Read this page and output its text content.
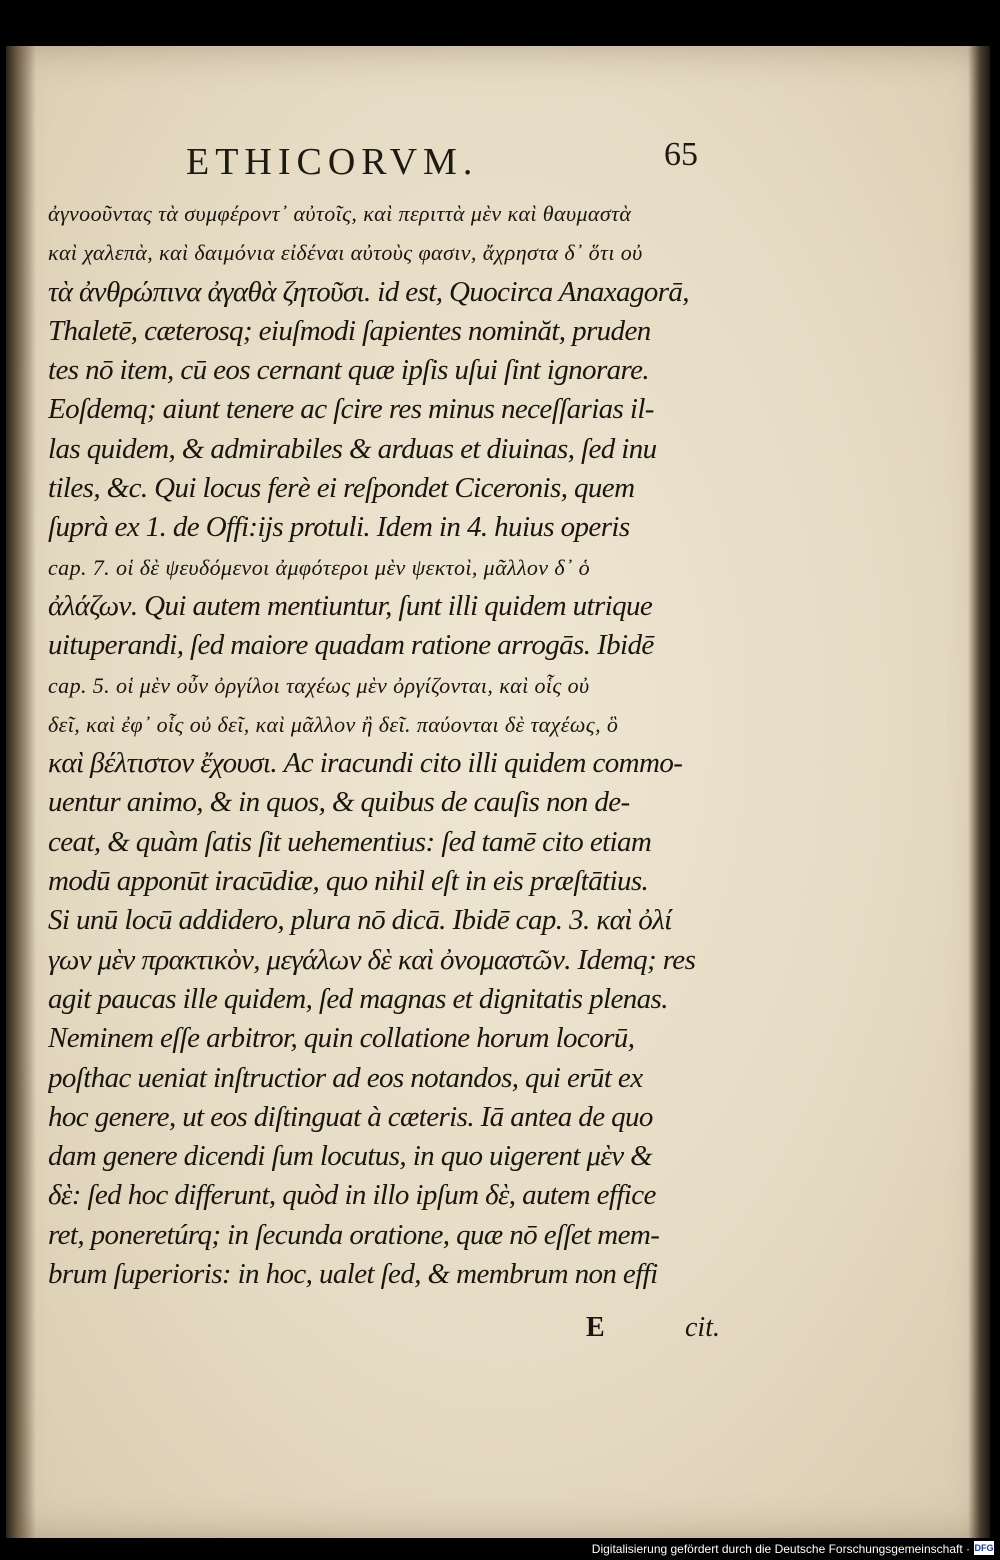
ETHICORVM.	65
ἀγνοοῦντας τὰ συμφέροντ᾽ αὐτοῖς, καὶ περιττὰ μὲν καὶ θαυμαστὰ
καὶ χαλεπὰ, καὶ δαιμόνια εἰδέναι αὐτοὺς φασιν, ἄχρηστα δ᾽ ὅτι οὐ
τὰ ἀνθρώπινα ἀγαθὰ ζητοῦσι. id est, Quocirca Anaxagorā,
Thaletē, cæterosq; eiuſmodi ſapientes nominăt, pruden
tes nō item, cū eos cernant quæ ipſis uſui ſint ignorare.
Eoſdemq; aiunt tenere ac ſcire res minus neceſſarias il-
las quidem, & admirabiles & arduas et diuinas, ſed inu
tiles, &c. Qui locus ferè ei reſpondet Ciceronis, quem
ſuprà ex 1. de Offi:ijs protuli. Idem in 4. huius operis
cap. 7. οἱ δὲ ψευδόμενοι ἀμφότεροι μὲν ψεκτοὶ, μᾶλλον δ᾽ ὁ
ἀλάζων. Qui autem mentiuntur, ſunt illi quidem utrique
uituperandi, ſed maiore quadam ratione arrogās. Ibidē
cap. 5. οἱ μὲν οὖν ὀργίλοι ταχέως μὲν ὀργίζονται, καὶ οἷς οὐ
δεῖ, καὶ ἐφ᾽ οἷς οὐ δεῖ, καὶ μᾶλλον ἢ δεῖ. παύονται δὲ ταχέως, ὃ
καὶ βέλτιστον ἔχουσι. Ac iracundi cito illi quidem commo-
uentur animo, & in quos, & quibus de cauſis non de-
ceat, & quàm ſatis ſit uehementius: ſed tamē cito etiam
modū apponūt iracūdiæ, quo nihil eſt in eis præſtātius.
Si unū locū addidero, plura nō dicā. Ibidē cap. 3. καὶ ὀλί
γων μὲν πρακτικὸν, μεγάλων δὲ καὶ ὀνομαστῶν. Idemq; res
agit paucas ille quidem, ſed magnas et dignitatis plenas.
Neminem eſſe arbitror, quin collatione horum locorū,
poſthac ueniat inſtructior ad eos notandos, qui erūt ex
hoc genere, ut eos diſtinguat à cæteris. Iā antea de quo
dam genere dicendi ſum locutus, in quo uigerent μὲν &
δὲ: ſed hoc differunt, quòd in illo ipſum δὲ, autem effice
ret, poneretúrq; in ſecunda oratione, quæ nō eſſet mem-
brum ſuperioris: in hoc, ualet ſed, & membrum non effi
E	cit.
Digitalisierung gefördert durch die Deutsche Forschungsgemeinschaft · DFG
